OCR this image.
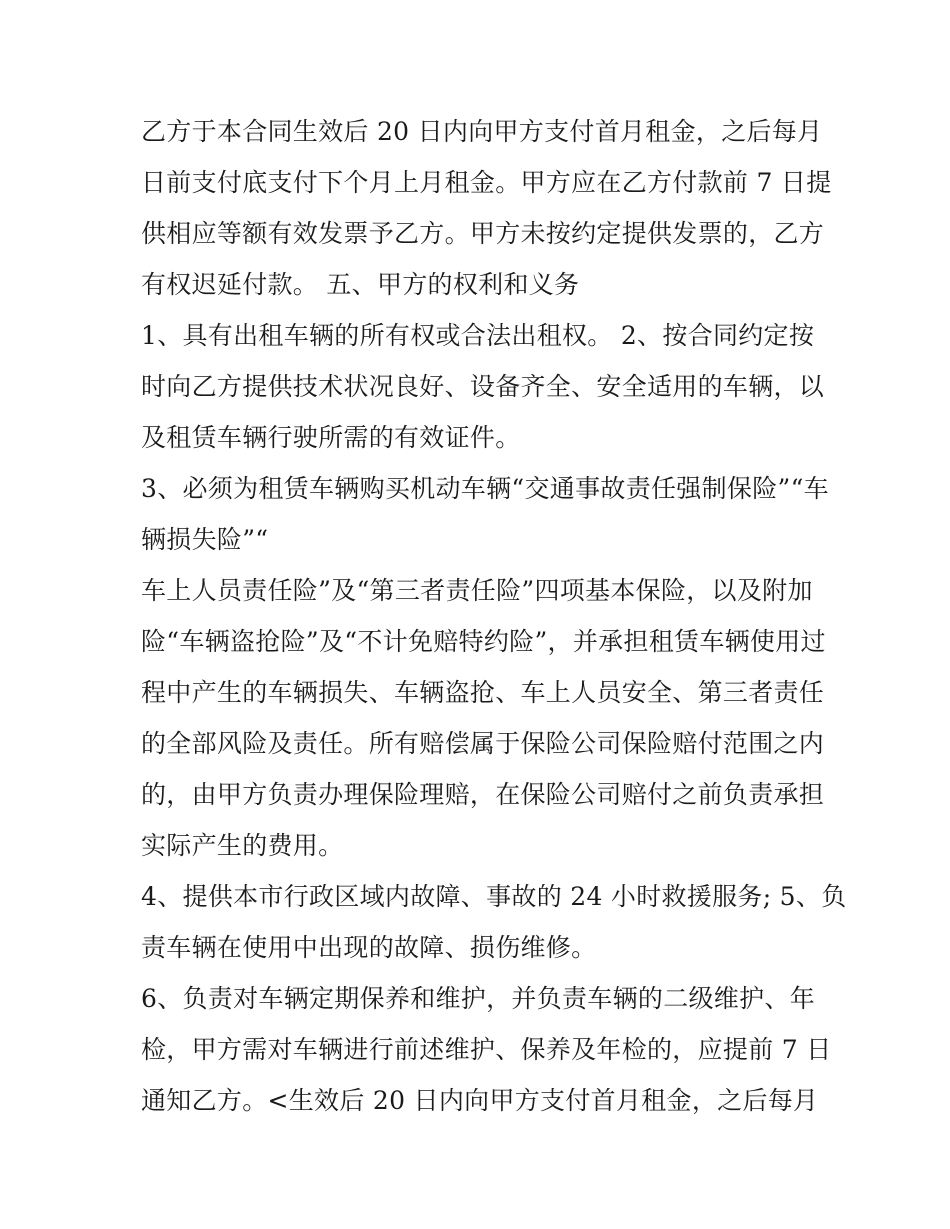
乙方于本合同生效后 20 日内向甲方支付首月租金，之后每月
日前支付底支付下个月上月租金。甲方应在乙方付款前 7 日提
供相应等额有效发票予乙方。甲方未按约定提供发票的，乙方
有权迟延付款。 五、甲方的权利和义务
1、具有出租车辆的所有权或合法出租权。 2、按合同约定按
时向乙方提供技术状况良好、设备齐全、安全适用的车辆，以
及租赁车辆行驶所需的有效证件。
3、必须为租赁车辆购买机动车辆“交通事故责任强制保险”“车
辆损失险”“
车上人员责任险”及“第三者责任险”四项基本保险，以及附加
险“车辆盗抢险”及“不计免赔特约险”，并承担租赁车辆使用过
程中产生的车辆损失、车辆盗抢、车上人员安全、第三者责任
的全部风险及责任。所有赔偿属于保险公司保险赔付范围之内
的，由甲方负责办理保险理赔，在保险公司赔付之前负责承担
实际产生的费用。
4、提供本市行政区域内故障、事故的 24 小时救援服务; 5、负
责车辆在使用中出现的故障、损伤维修。
6、负责对车辆定期保养和维护，并负责车辆的二级维护、年
检，甲方需对车辆进行前述维护、保养及年检的，应提前 7 日
通知乙方。<生效后 20 日内向甲方支付首月租金，之后每月
